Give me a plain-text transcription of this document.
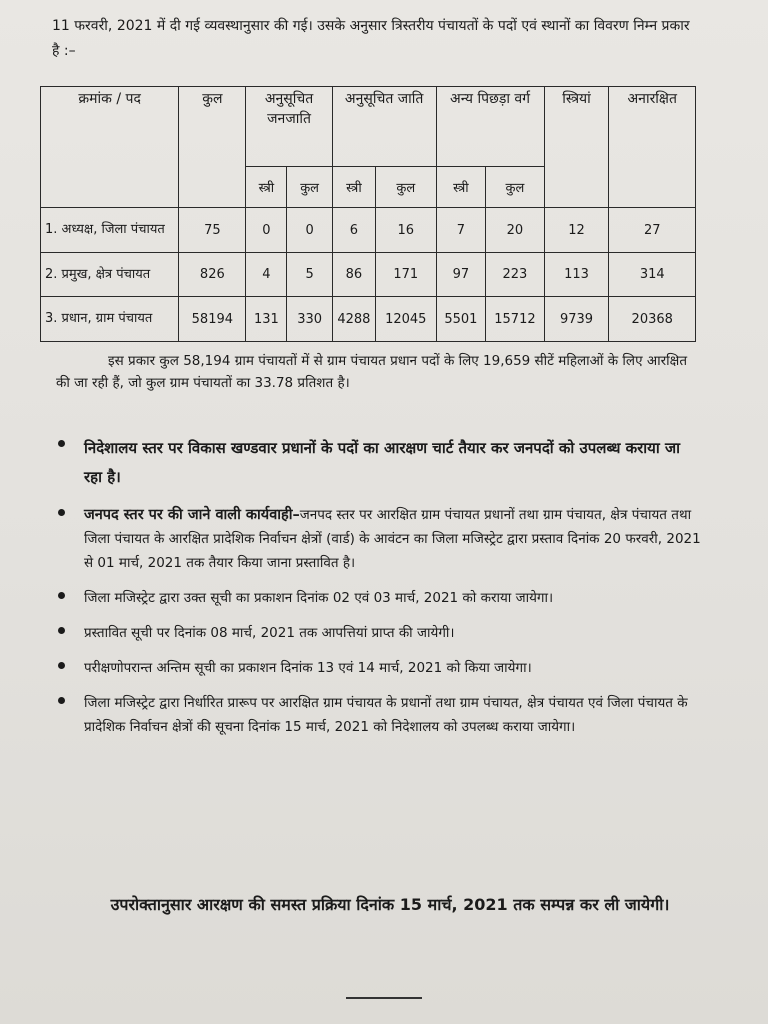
11 फरवरी, 2021 में दी गई व्यवस्थानुसार की गई। उसके अनुसार त्रिस्तरीय पंचायतों के पदों एवं स्थानों का विवरण निम्न प्रकार है :–
क्रमांक / पद	कुल	अनुसूचित जनजाति		अनुसूचित जाति		अन्य पिछड़ा वर्ग		स्त्रियां	अनारक्षित
		स्त्री	कुल	स्त्री	कुल	स्त्री	कुल		
1. अध्यक्ष, जिला पंचायत	75	0	0	6	16	7	20	12	27
2. प्रमुख, क्षेत्र पंचायत	826	4	5	86	171	97	223	113	314
3. प्रधान, ग्राम पंचायत	58194	131	330	4288	12045	5501	15712	9739	20368
इस प्रकार कुल 58,194 ग्राम पंचायतों में से ग्राम पंचायत प्रधान पदों के लिए 19,659 सीटें महिलाओं के लिए आरक्षित की जा रही हैं, जो कुल ग्राम पंचायतों का 33.78 प्रतिशत है।
निदेशालय स्तर पर विकास खण्डवार प्रधानों के पदों का आरक्षण चार्ट तैयार कर जनपदों को उपलब्ध कराया जा रहा है।
जनपद स्तर पर की जाने वाली कार्यवाही–जनपद स्तर पर आरक्षित ग्राम पंचायत प्रधानों तथा ग्राम पंचायत, क्षेत्र पंचायत तथा जिला पंचायत के आरक्षित प्रादेशिक निर्वाचन क्षेत्रों (वार्ड) के आवंटन का जिला मजिस्ट्रेट द्वारा प्रस्ताव दिनांक 20 फरवरी, 2021 से 01 मार्च, 2021 तक तैयार किया जाना प्रस्तावित है।
जिला मजिस्ट्रेट द्वारा उक्त सूची का प्रकाशन दिनांक 02 एवं 03 मार्च, 2021 को कराया जायेगा।
प्रस्तावित सूची पर दिनांक 08 मार्च, 2021 तक आपत्तियां प्राप्त की जायेगी।
परीक्षणोपरान्त अन्तिम सूची का प्रकाशन दिनांक 13 एवं 14 मार्च, 2021 को किया जायेगा।
जिला मजिस्ट्रेट द्वारा निर्धारित प्रारूप पर आरक्षित ग्राम पंचायत के प्रधानों तथा ग्राम पंचायत, क्षेत्र पंचायत एवं जिला पंचायत के प्रादेशिक निर्वाचन क्षेत्रों की सूचना दिनांक 15 मार्च, 2021 को निदेशालय को उपलब्ध कराया जायेगा।
उपरोक्तानुसार आरक्षण की समस्त प्रक्रिया दिनांक 15 मार्च, 2021 तक सम्पन्न कर ली जायेगी।
